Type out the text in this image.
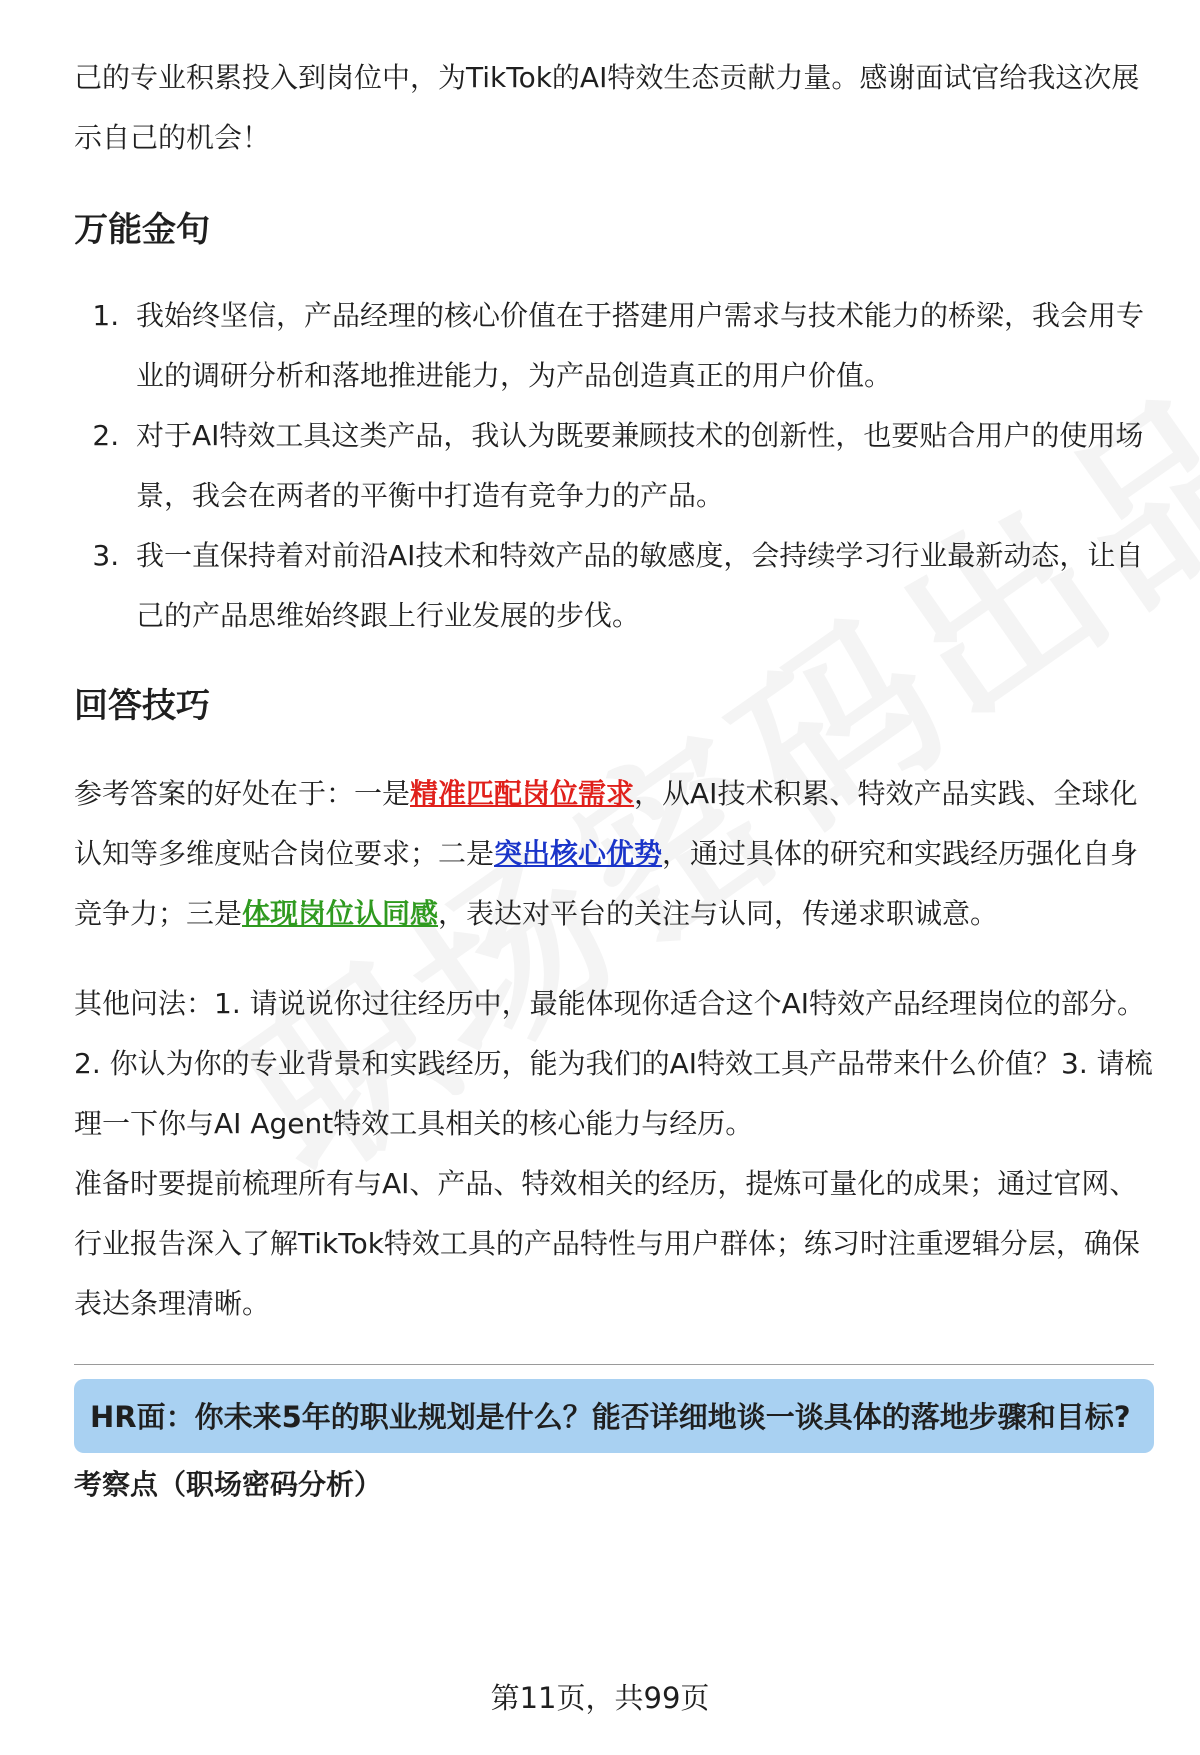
己的专业积累投入到岗位中，为TikTok的AI特效生态贡献力量。感谢面试官给我这次展示自己的机会！

万能金句
1. 我始终坚信，产品经理的核心价值在于搭建用户需求与技术能力的桥梁，我会用专业的调研分析和落地推进能力，为产品创造真正的用户价值。
2. 对于AI特效工具这类产品，我认为既要兼顾技术的创新性，也要贴合用户的使用场景，我会在两者的平衡中打造有竞争力的产品。
3. 我一直保持着对前沿AI技术和特效产品的敏感度，会持续学习行业最新动态，让自己的产品思维始终跟上行业发展的步伐。
回答技巧

参考答案的好处在于：一是精准匹配岗位需求，从AI技术积累、特效产品实践、全球化认知等多维度贴合岗位要求；二是突出核心优势，通过具体的研究和实践经历强化自身竞争力；三是体现岗位认同感，表达对平台的关注与认同，传递求职诚意。

其他问法：1. 请说说你过往经历中，最能体现你适合这个AI特效产品经理岗位的部分。2. 你认为你的专业背景和实践经历，能为我们的AI特效工具产品带来什么价值？3. 请梳理一下你与AI Agent特效工具相关的核心能力与经历。

准备时要提前梳理所有与AI、产品、特效相关的经历，提炼可量化的成果；通过官网、行业报告深入了解TikTok特效工具的产品特性与用户群体；练习时注重逻辑分层，确保表达条理清晰。

HR面：你未来5年的职业规划是什么？能否详细地谈一谈具体的落地步骤和目标?

考察点（职场密码分析）

第11页，共99页
